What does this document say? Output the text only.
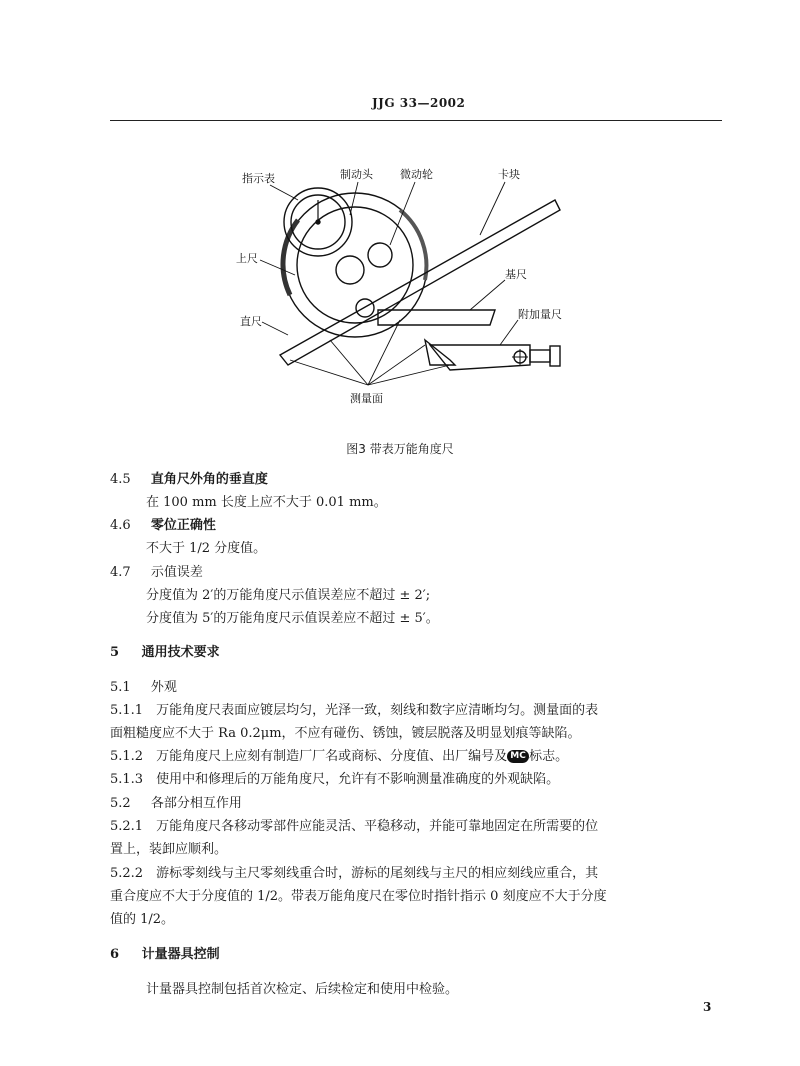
JJG 33—2002
指示表	制动头 微动轮	卡块
上尺
基尺
直尺
附加量尺
测量面
图3 带表万能角度尺
4.5 直角尺外角的垂直度
在 100 mm 长度上应不大于 0.01 mm。
4.6 零位正确性
不大于 1/2 分度值。
4.7 示值误差
分度值为 2′的万能角度尺示值误差应不超过 ± 2′;
分度值为 5′的万能角度尺示值误差应不超过 ± 5′。
5 通用技术要求
5.1 外观
5.1.1　万能角度尺表面应镀层均匀，光泽一致，刻线和数字应清晰均匀。测量面的表
面粗糙度应不大于 Ra 0.2μm，不应有碰伤、锈蚀，镀层脱落及明显划痕等缺陷。
5.1.2　万能角度尺上应刻有制造厂厂名或商标、分度值、出厂编号及 MC 标志。
5.1.3　使用中和修理后的万能角度尺，允许有不影响测量准确度的外观缺陷。
5.2 各部分相互作用
5.2.1　万能角度尺各移动零部件应能灵活、平稳移动，并能可靠地固定在所需要的位
置上，装卸应顺利。
5.2.2　游标零刻线与主尺零刻线重合时，游标的尾刻线与主尺的相应刻线应重合，其
重合度应不大于分度值的 1/2。带表万能角度尺在零位时指针指示 0 刻度应不大于分度
值的 1/2。
6 计量器具控制
计量器具控制包括首次检定、后续检定和使用中检验。
3
